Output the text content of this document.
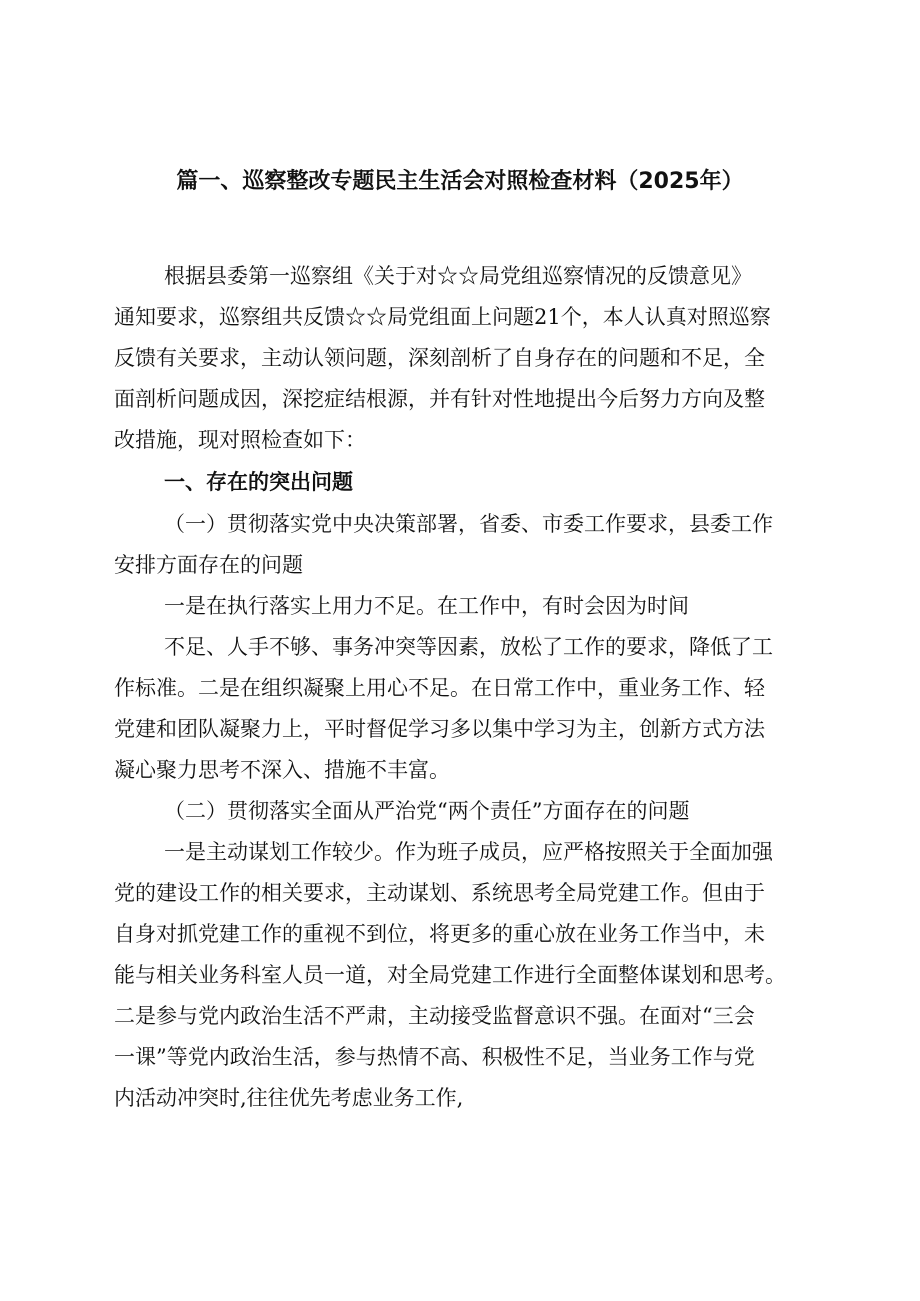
篇一、巡察整改专题民主生活会对照检查材料（2025年）
根据县委第一巡察组《关于对☆☆局党组巡察情况的反馈意见》
通知要求，巡察组共反馈☆☆局党组面上问题21个，本人认真对照巡察
反馈有关要求，主动认领问题，深刻剖析了自身存在的问题和不足，全
面剖析问题成因，深挖症结根源，并有针对性地提出今后努力方向及整
改措施，现对照检查如下：
一、存在的突出问题
（一）贯彻落实党中央决策部署，省委、市委工作要求，县委工作
安排方面存在的问题
一是在执行落实上用力不足。在工作中，有时会因为时间
不足、人手不够、事务冲突等因素，放松了工作的要求，降低了工
作标准。二是在组织凝聚上用心不足。在日常工作中，重业务工作、轻
党建和团队凝聚力上，平时督促学习多以集中学习为主，创新方式方法
凝心聚力思考不深入、措施不丰富。
（二）贯彻落实全面从严治党“两个责任”方面存在的问题
一是主动谋划工作较少。作为班子成员，应严格按照关于全面加强
党的建设工作的相关要求，主动谋划、系统思考全局党建工作。但由于
自身对抓党建工作的重视不到位，将更多的重心放在业务工作当中，未
能与相关业务科室人员一道，对全局党建工作进行全面整体谋划和思考。
二是参与党内政治生活不严肃，主动接受监督意识不强。在面对“三会
一课”等党内政治生活，参与热情不高、积极性不足，当业务工作与党
内活动冲突时,往往优先考虑业务工作,
